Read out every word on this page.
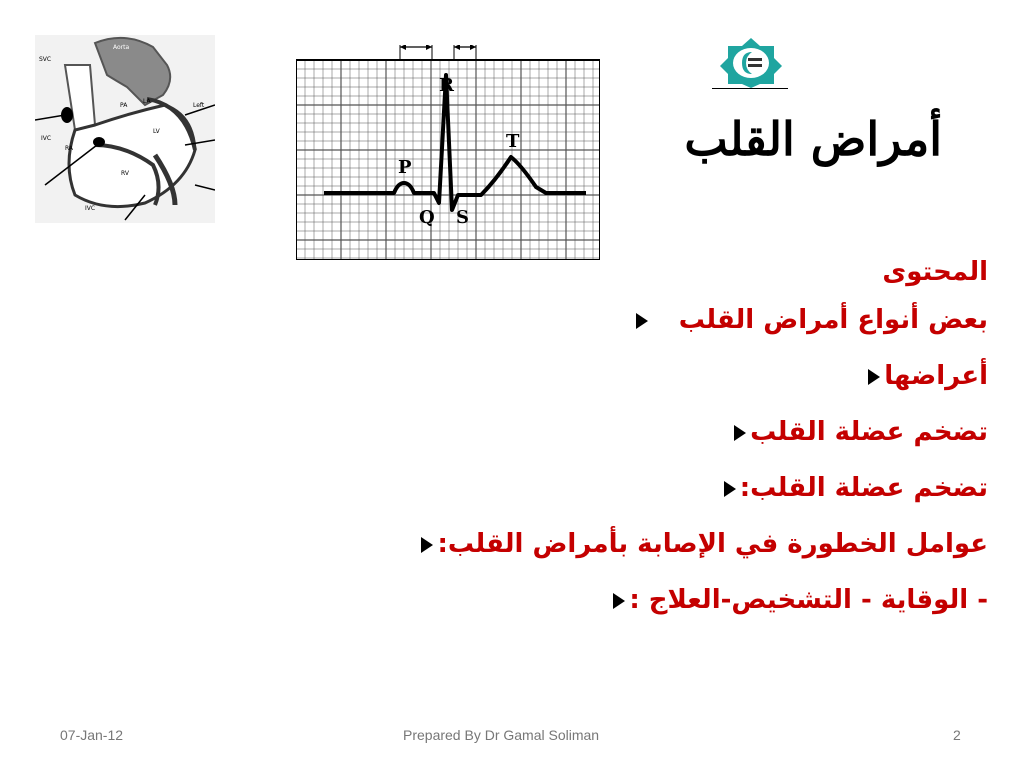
Aorta
SVC
PA
LA
LV
RA
RV
IVC
IVC
Left
P
R
T
Q S
أمراض القلب
المحتوى
بعض أنواع أمراض القلب
أعراضها
تضخم عضلة القلب
تضخم عضلة القلب:
عوامل الخطورة في الإصابة بأمراض القلب:
- الوقاية - التشخيص-العلاج :
07-Jan-12	Prepared By Dr Gamal Soliman	2
